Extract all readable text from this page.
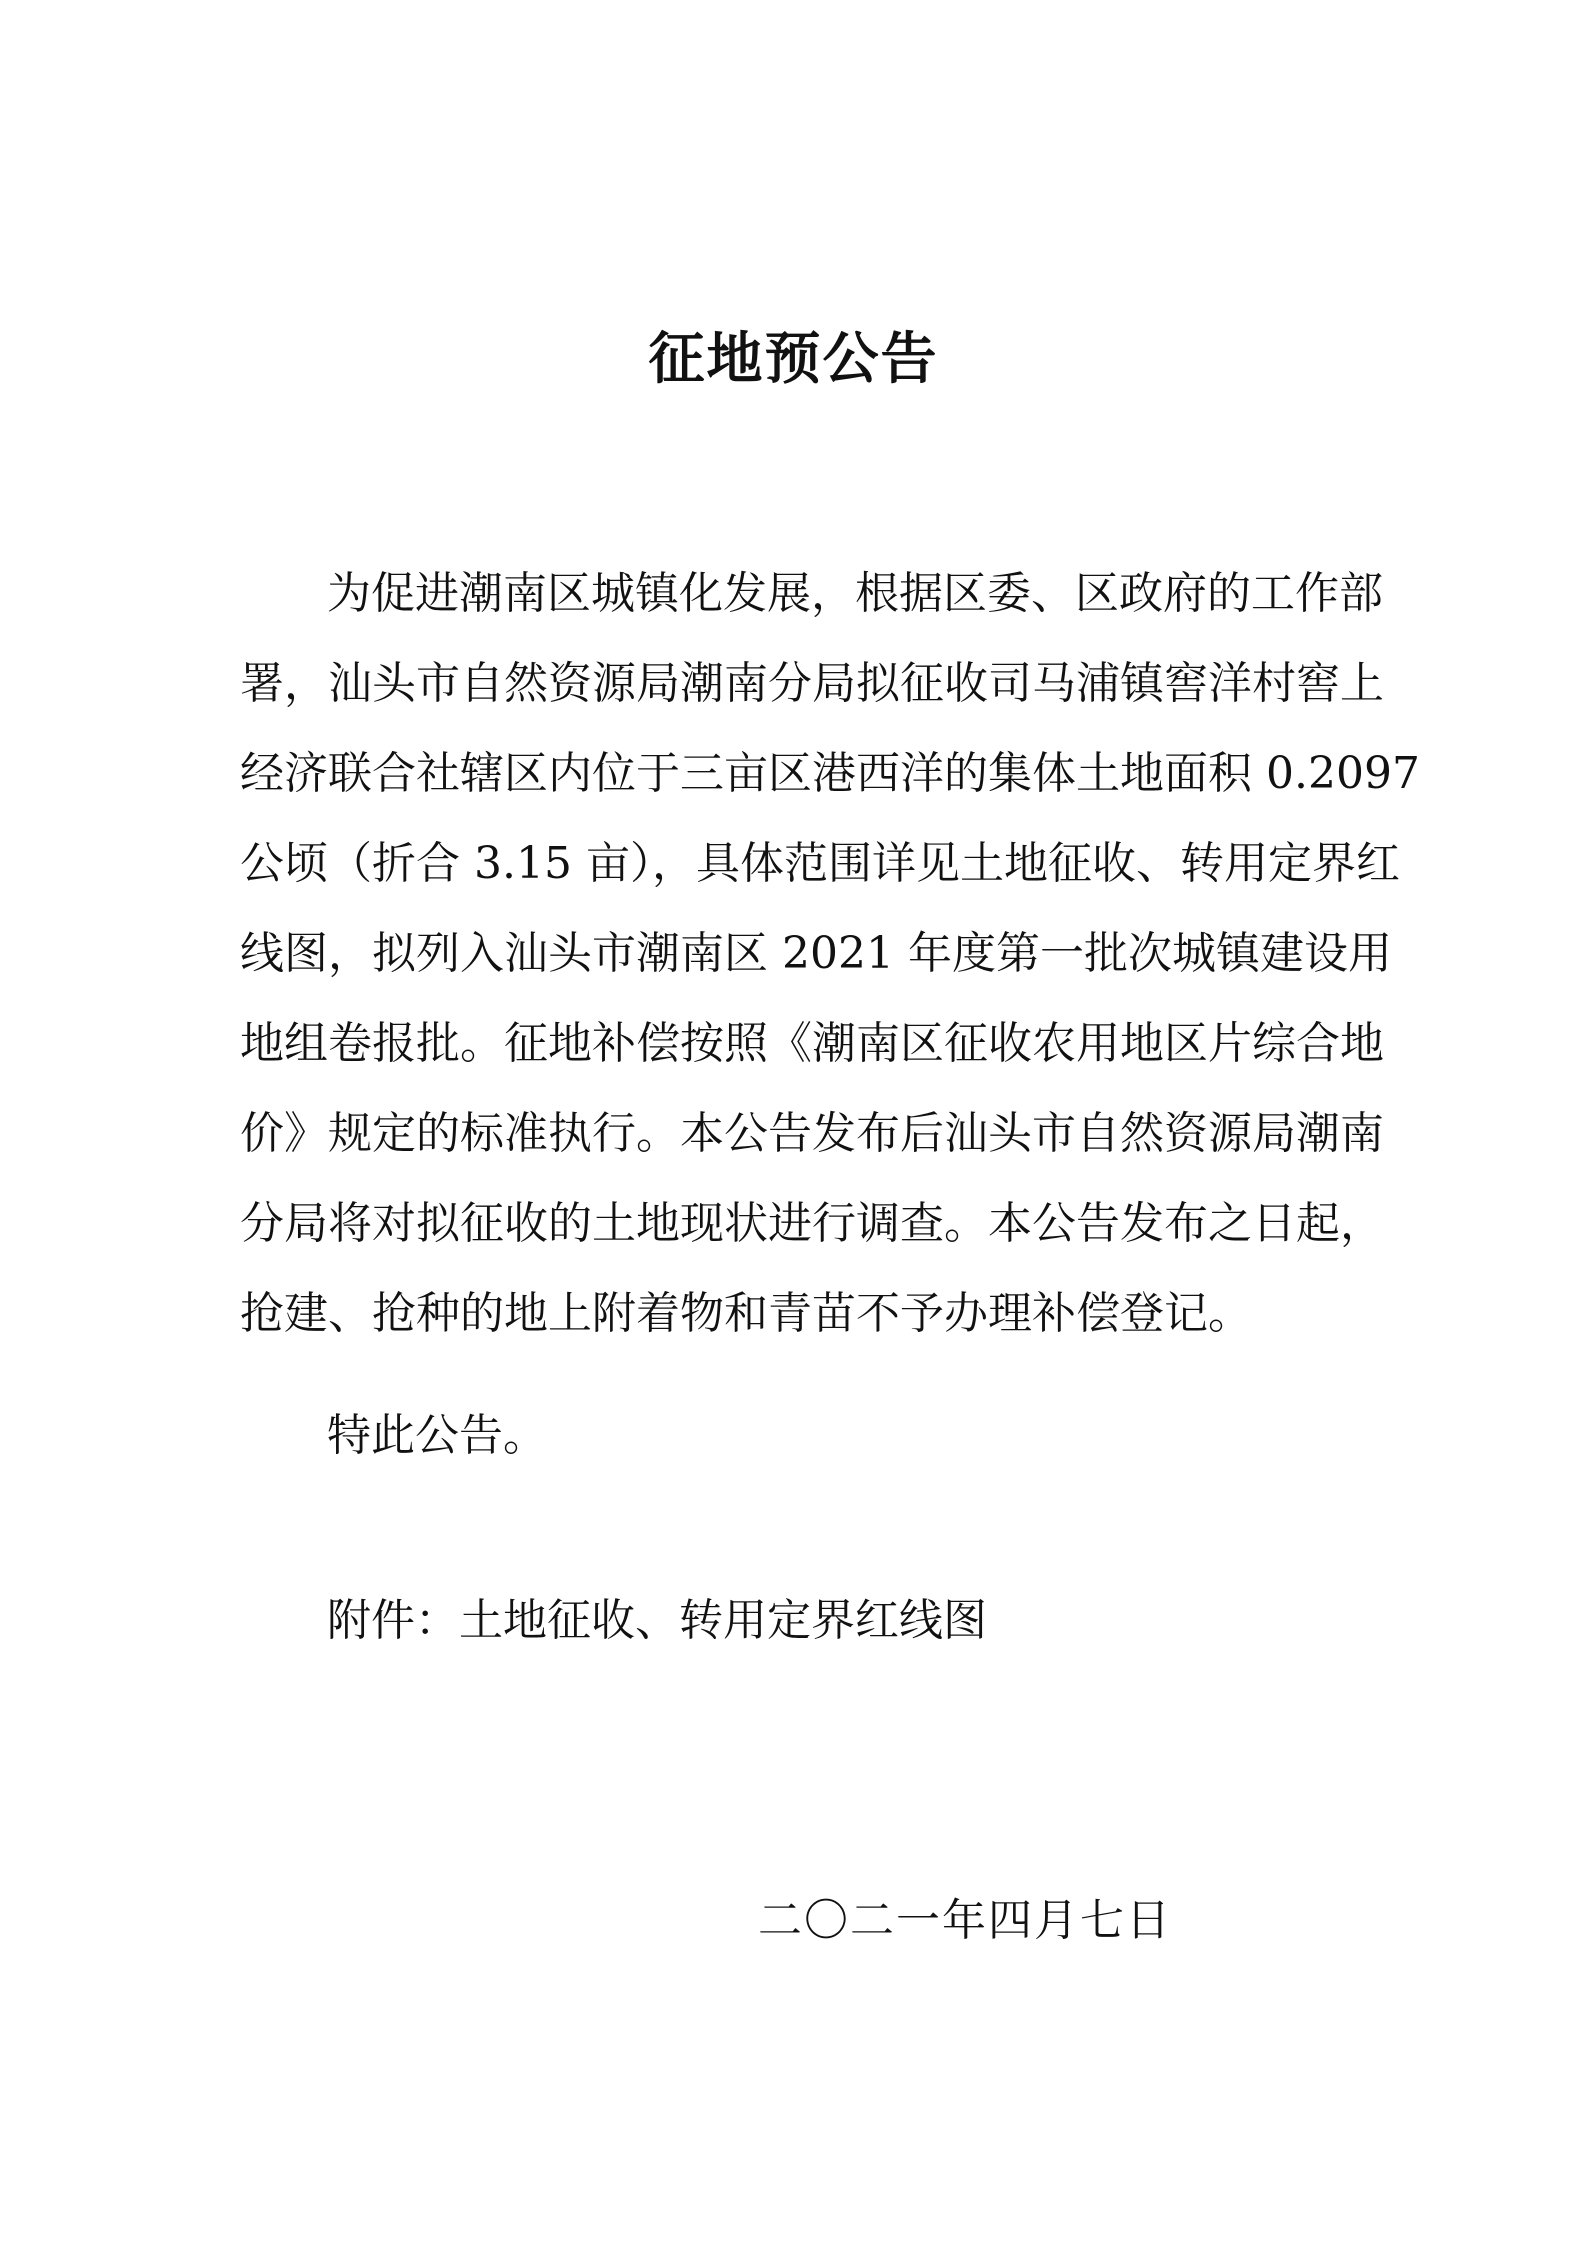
征地预公告

为促进潮南区城镇化发展，根据区委、区政府的工作部

署，汕头市自然资源局潮南分局拟征收司马浦镇窖洋村窖上

经济联合社辖区内位于三亩区港西洋的集体土地面积 0.2097

公顷（折合 3.15 亩），具体范围详见土地征收、转用定界红

线图，拟列入汕头市潮南区 2021 年度第一批次城镇建设用

地组卷报批。征地补偿按照《潮南区征收农用地区片综合地

价》规定的标准执行。本公告发布后汕头市自然资源局潮南

分局将对拟征收的土地现状进行调查。本公告发布之日起，

抢建、抢种的地上附着物和青苗不予办理补偿登记。

特此公告。

附件：土地征收、转用定界红线图

二〇二一年四月七日
